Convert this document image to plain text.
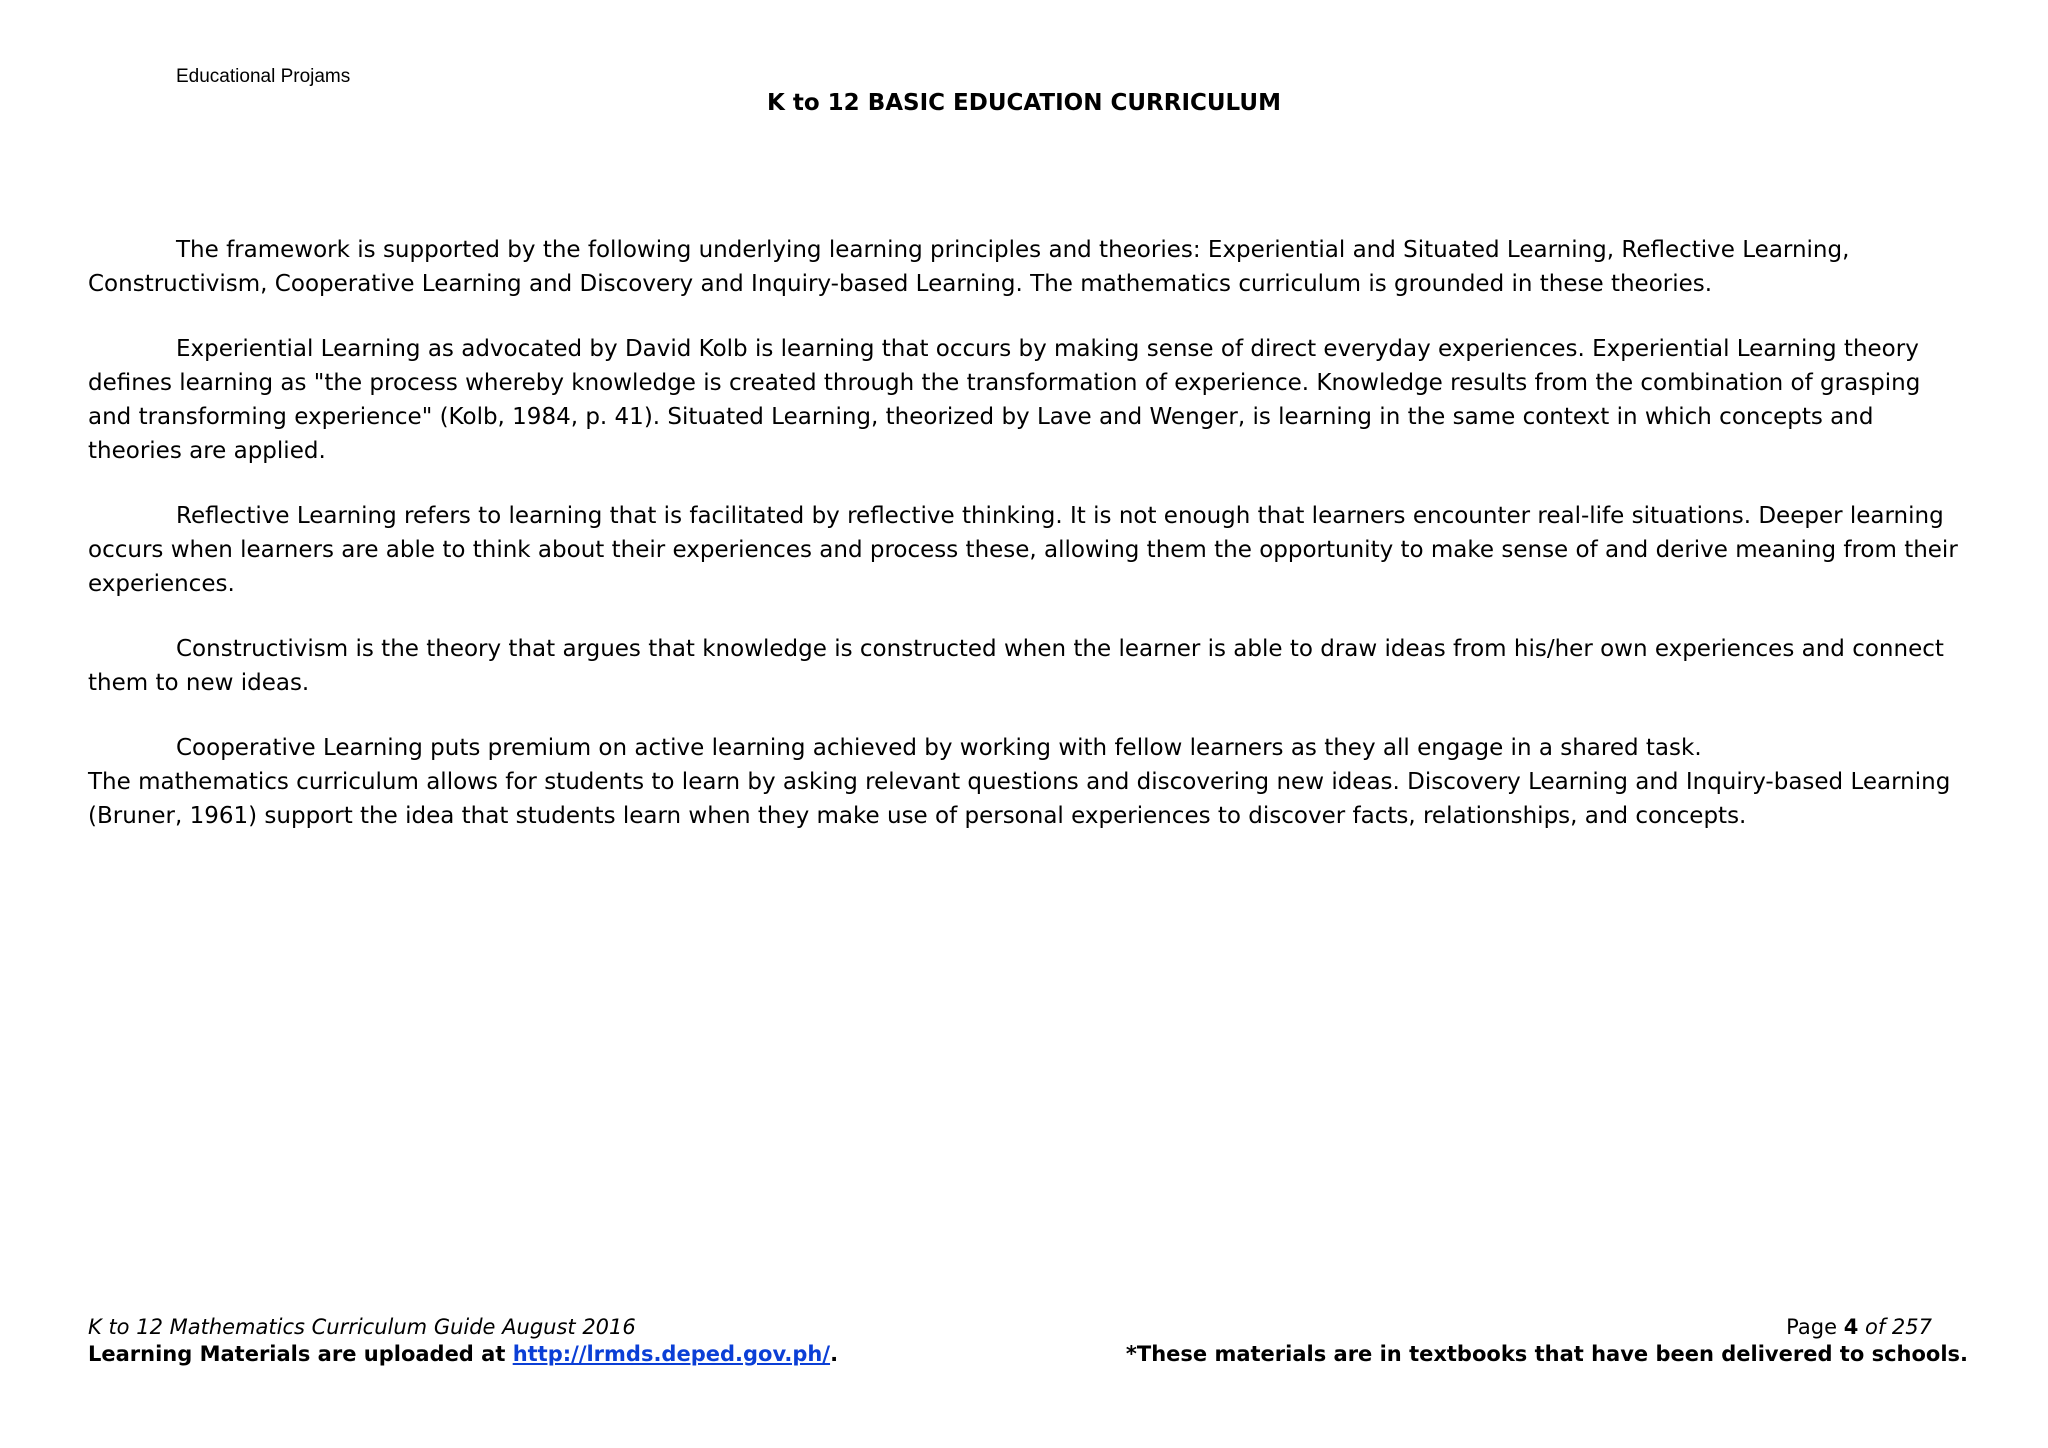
Educational Projams
K to 12 BASIC EDUCATION CURRICULUM

The framework is supported by the following underlying learning principles and theories: Experiential and Situated Learning, Reflective Learning, Constructivism, Cooperative Learning and Discovery and Inquiry-based Learning. The mathematics curriculum is grounded in these theories.

Experiential Learning as advocated by David Kolb is learning that occurs by making sense of direct everyday experiences. Experiential Learning theory defines learning as "the process whereby knowledge is created through the transformation of experience. Knowledge results from the combination of grasping and transforming experience" (Kolb, 1984, p. 41). Situated Learning, theorized by Lave and Wenger, is learning in the same context in which concepts and theories are applied.

Reflective Learning refers to learning that is facilitated by reflective thinking. It is not enough that learners encounter real-life situations. Deeper learning occurs when learners are able to think about their experiences and process these, allowing them the opportunity to make sense of and derive meaning from their experiences.

Constructivism is the theory that argues that knowledge is constructed when the learner is able to draw ideas from his/her own experiences and connect them to new ideas.

Cooperative Learning puts premium on active learning achieved by working with fellow learners as they all engage in a shared task.

The mathematics curriculum allows for students to learn by asking relevant questions and discovering new ideas. Discovery Learning and Inquiry-based Learning (Bruner, 1961) support the idea that students learn when they make use of personal experiences to discover facts, relationships, and concepts.

K to 12 Mathematics Curriculum Guide August 2016
Learning Materials are uploaded at http://lrmds.deped.gov.ph/.
Page 4 of 257
*These materials are in textbooks that have been delivered to schools.
